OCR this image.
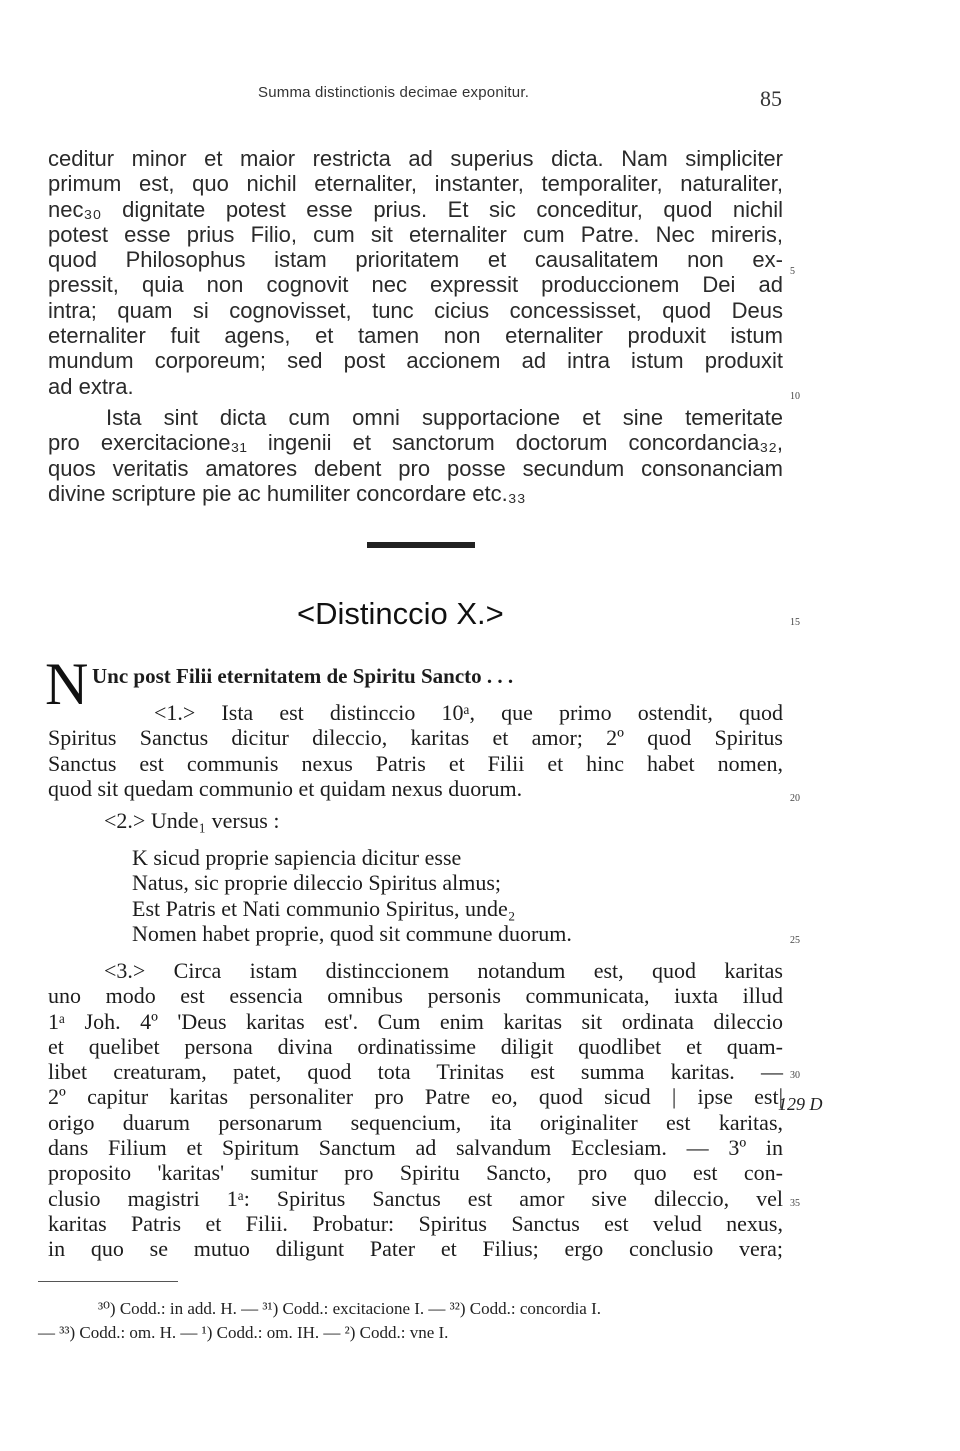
Summa distinctionis decimae exponitur.	85
ceditur minor et maior restricta ad superius dicta. Nam simpliciter
primum est, quo nichil eternaliter, instanter, temporaliter, naturaliter,
nec₃₀ dignitate potest esse prius. Et sic conceditur, quod nichil
potest esse prius Filio, cum sit eternaliter cum Patre. Nec mireris,
quod Philosophus istam prioritatem et causalitatem non ex-
pressit, quia non cognovit nec expressit produccionem Dei ad
intra; quam si cognovisset, tunc cicius concessisset, quod Deus
eternaliter fuit agens, et tamen non eternaliter produxit istum
mundum corporeum; sed post accionem ad intra istum produxit
ad extra.
Ista sint dicta cum omni supportacione et sine temeritate
pro exercitacione₃₁ ingenii et sanctorum doctorum concordancia₃₂,
quos veritatis amatores debent pro posse secundum consonanciam
divine scripture pie ac humiliter concordare etc.₃₃
<Distinccio X.>
N Unc post Filii eternitatem de Spiritu Sancto . . .
<1.> Ista est distinccio 10ᵃ, que primo ostendit, quod
Spiritus Sanctus dicitur dileccio, karitas et amor; 2º quod Spiritus
Sanctus est communis nexus Patris et Filii et hinc habet nomen,
quod sit quedam communio et quidam nexus duorum.
<2.> Unde₁ versus :
K sicud proprie sapiencia dicitur esse
Natus, sic proprie dileccio Spiritus almus;
Est Patris et Nati communio Spiritus, unde₂
Nomen habet proprie, quod sit commune duorum.
<3.> Circa istam distinccionem notandum est, quod karitas
uno modo est essencia omnibus personis communicata, iuxta illud
1ᵃ Joh. 4º 'Deus karitas est'. Cum enim karitas sit ordinata dileccio
et quelibet persona divina ordinatissime diligit quodlibet et quam-
libet creaturam, patet, quod tota Trinitas est summa karitas. —
2º capitur karitas personaliter pro Patre eo, quod sicud | ipse est|
origo duarum personarum sequencium, ita originaliter est karitas,
dans Filium et Spiritum Sanctum ad salvandum Ecclesiam. — 3º in
proposito 'karitas' sumitur pro Spiritu Sancto, pro quo est con-
clusio magistri 1ᵃ: Spiritus Sanctus est amor sive dileccio, vel
karitas Patris et Filii. Probatur: Spiritus Sanctus est velud nexus,
in quo se mutuo diligunt Pater et Filius; ergo conclusio vera;
129 D
5
10
15
20
25
30
35
³⁰) Codd.: in add. H. — ³¹) Codd.: excitacione I. — ³²) Codd.: concordia I.
— ³³) Codd.: om. H. — ¹) Codd.: om. IH. — ²) Codd.: vne I.
